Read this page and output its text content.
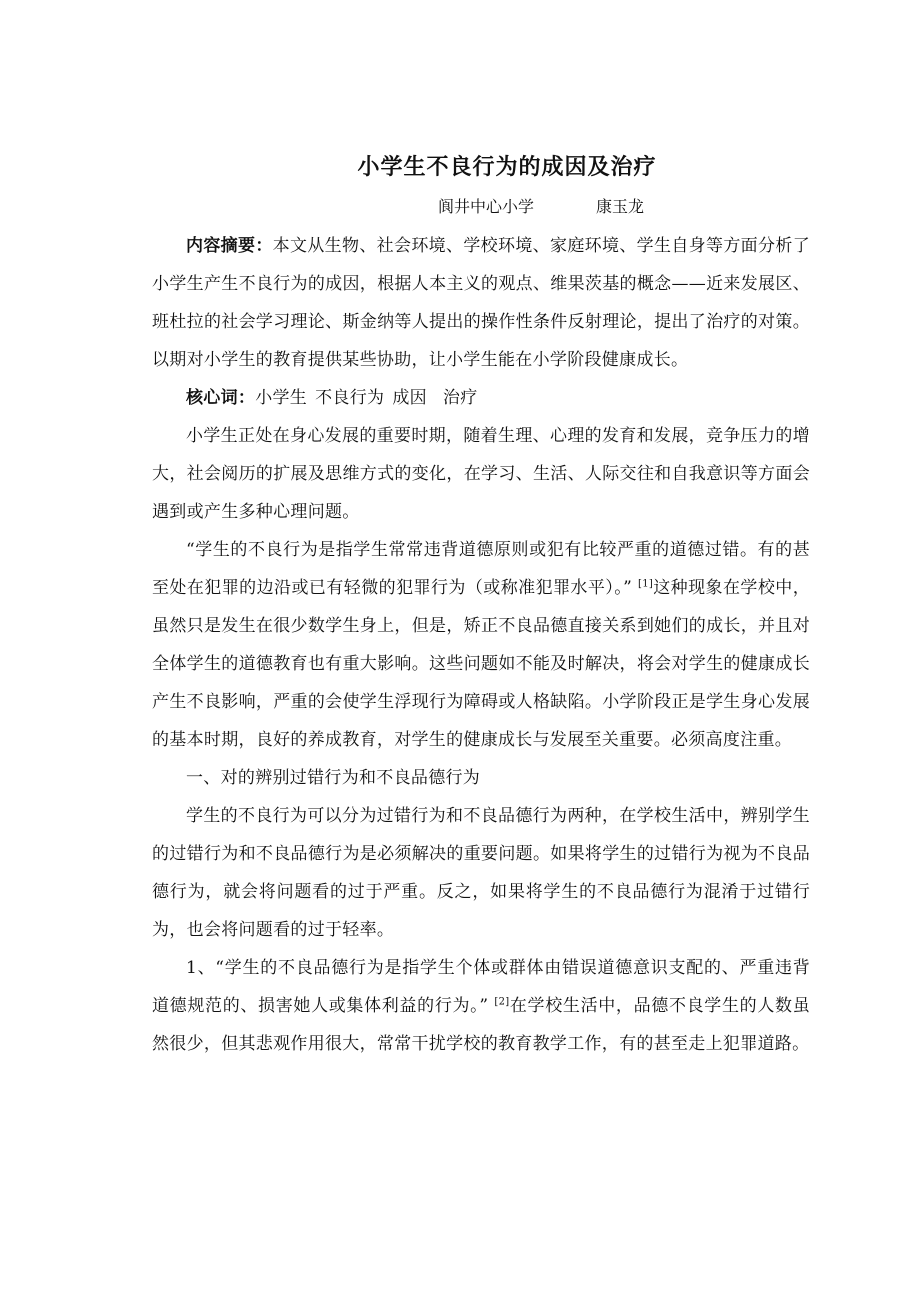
小学生不良行为的成因及治疗
阆井中心小学	康玉龙

内容摘要：本文从生物、社会环境、学校环境、家庭环境、学生自身等方面分析了小学生产生不良行为的成因，根据人本主义的观点、维果茨基的概念——近来发展区、班杜拉的社会学习理论、斯金纳等人提出的操作性条件反射理论，提出了治疗的对策。以期对小学生的教育提供某些协助，让小学生能在小学阶段健康成长。

核心词：小学生 不良行为 成因 治疗

小学生正处在身心发展的重要时期，随着生理、心理的发育和发展，竞争压力的增大，社会阅历的扩展及思维方式的变化，在学习、生活、人际交往和自我意识等方面会遇到或产生多种心理问题。

“学生的不良行为是指学生常常违背道德原则或犯有比较严重的道德过错。有的甚至处在犯罪的边沿或已有轻微的犯罪行为（或称准犯罪水平）。” [1]这种现象在学校中，虽然只是发生在很少数学生身上，但是，矫正不良品德直接关系到她们的成长，并且对全体学生的道德教育也有重大影响。这些问题如不能及时解决，将会对学生的健康成长产生不良影响，严重的会使学生浮现行为障碍或人格缺陷。小学阶段正是学生身心发展的基本时期，良好的养成教育，对学生的健康成长与发展至关重要。必须高度注重。

一、对的辨别过错行为和不良品德行为

学生的不良行为可以分为过错行为和不良品德行为两种，在学校生活中，辨别学生的过错行为和不良品德行为是必须解决的重要问题。如果将学生的过错行为视为不良品德行为，就会将问题看的过于严重。反之，如果将学生的不良品德行为混淆于过错行为，也会将问题看的过于轻率。

1、“学生的不良品德行为是指学生个体或群体由错误道德意识支配的、严重违背道德规范的、损害她人或集体利益的行为。” [2]在学校生活中，品德不良学生的人数虽然很少，但其悲观作用很大，常常干扰学校的教育教学工作，有的甚至走上犯罪道路。
